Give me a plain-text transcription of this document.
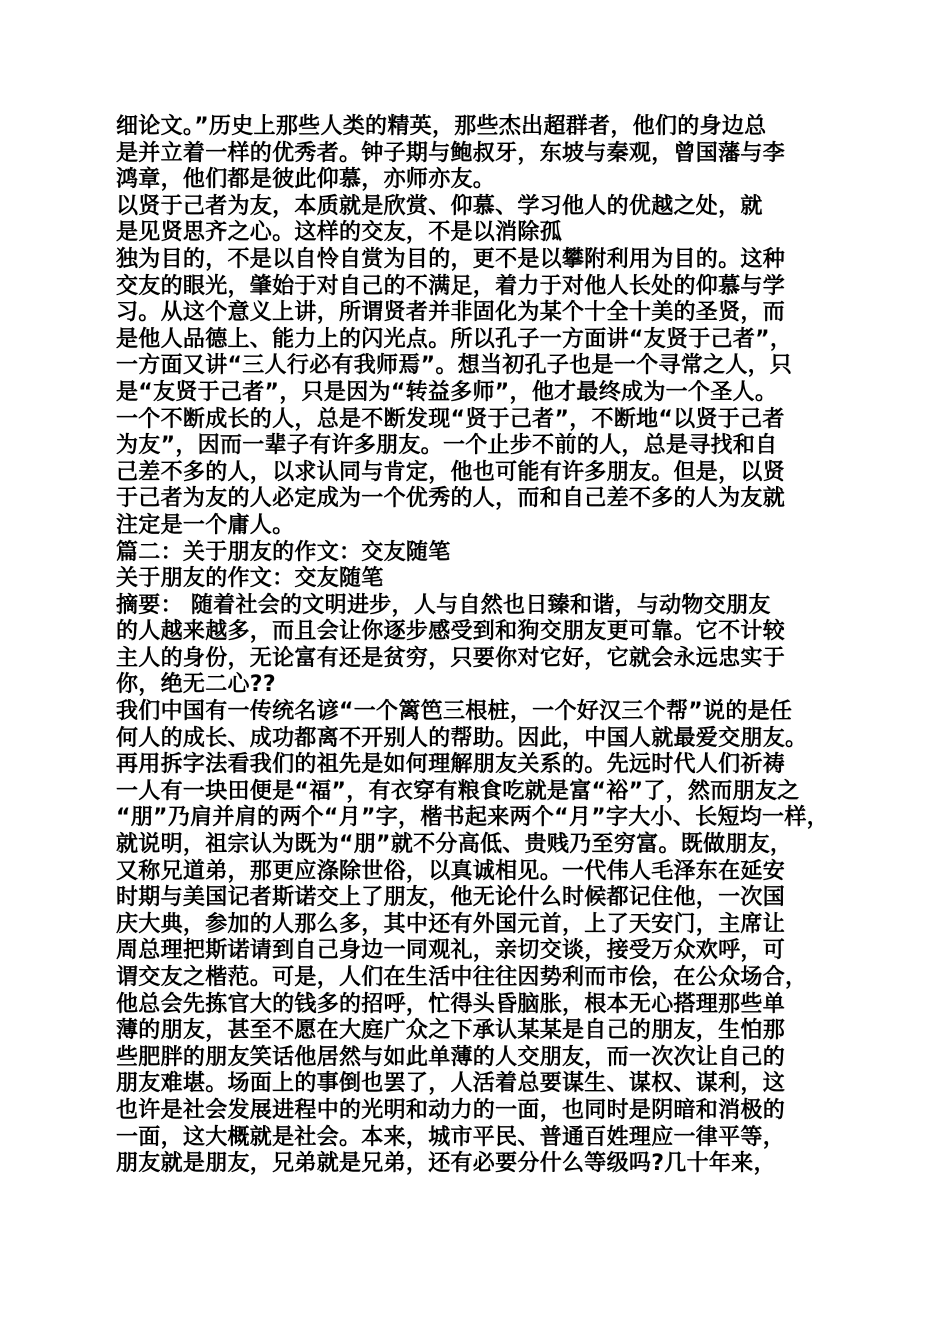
细论文。”历史上那些人类的精英，那些杰出超群者，他们的身边总
是并立着一样的优秀者。钟子期与鲍叔牙，东坡与秦观，曾国藩与李
鸿章，他们都是彼此仰慕，亦师亦友。
以贤于己者为友，本质就是欣赏、仰慕、学习他人的优越之处，就
是见贤思齐之心。这样的交友，不是以消除孤
独为目的，不是以自怜自赏为目的，更不是以攀附利用为目的。这种
交友的眼光，肇始于对自己的不满足，着力于对他人长处的仰慕与学
习。从这个意义上讲，所谓贤者并非固化为某个十全十美的圣贤，而
是他人品德上、能力上的闪光点。所以孔子一方面讲“友贤于己者”，
一方面又讲“三人行必有我师焉”。想当初孔子也是一个寻常之人，只
是“友贤于己者”，只是因为“转益多师”，他才最终成为一个圣人。
一个不断成长的人，总是不断发现“贤于己者”，不断地“以贤于己者
为友”，因而一辈子有许多朋友。一个止步不前的人，总是寻找和自
己差不多的人，以求认同与肯定，他也可能有许多朋友。但是，以贤
于己者为友的人必定成为一个优秀的人，而和自己差不多的人为友就
注定是一个庸人。
篇二：关于朋友的作文：交友随笔
关于朋友的作文：交友随笔
摘要： 随着社会的文明进步，人与自然也日臻和谐，与动物交朋友
的人越来越多，而且会让你逐步感受到和狗交朋友更可靠。它不计较
主人的身份，无论富有还是贫穷，只要你对它好，它就会永远忠实于
你，绝无二心??
我们中国有一传统名谚“一个篱笆三根桩，一个好汉三个帮”说的是任
何人的成长、成功都离不开别人的帮助。因此，中国人就最爱交朋友。
再用拆字法看我们的祖先是如何理解朋友关系的。先远时代人们祈祷
一人有一块田便是“福”，有衣穿有粮食吃就是富“裕”了，然而朋友之
“朋”乃肩并肩的两个“月”字，楷书起来两个“月”字大小、长短均一样，
就说明，祖宗认为既为“朋”就不分高低、贵贱乃至穷富。既做朋友，
又称兄道弟，那更应涤除世俗，以真诚相见。一代伟人毛泽东在延安
时期与美国记者斯诺交上了朋友，他无论什么时候都记住他，一次国
庆大典，参加的人那么多，其中还有外国元首，上了天安门，主席让
周总理把斯诺请到自己身边一同观礼，亲切交谈，接受万众欢呼，可
谓交友之楷范。可是，人们在生活中往往因势利而市侩，在公众场合，
他总会先拣官大的钱多的招呼，忙得头昏脑胀，根本无心搭理那些单
薄的朋友，甚至不愿在大庭广众之下承认某某是自己的朋友，生怕那
些肥胖的朋友笑话他居然与如此单薄的人交朋友，而一次次让自己的
朋友难堪。场面上的事倒也罢了，人活着总要谋生、谋权、谋利，这
也许是社会发展进程中的光明和动力的一面，也同时是阴暗和消极的
一面，这大概就是社会。本来，城市平民、普通百姓理应一律平等，
朋友就是朋友，兄弟就是兄弟，还有必要分什么等级吗?几十年来，
